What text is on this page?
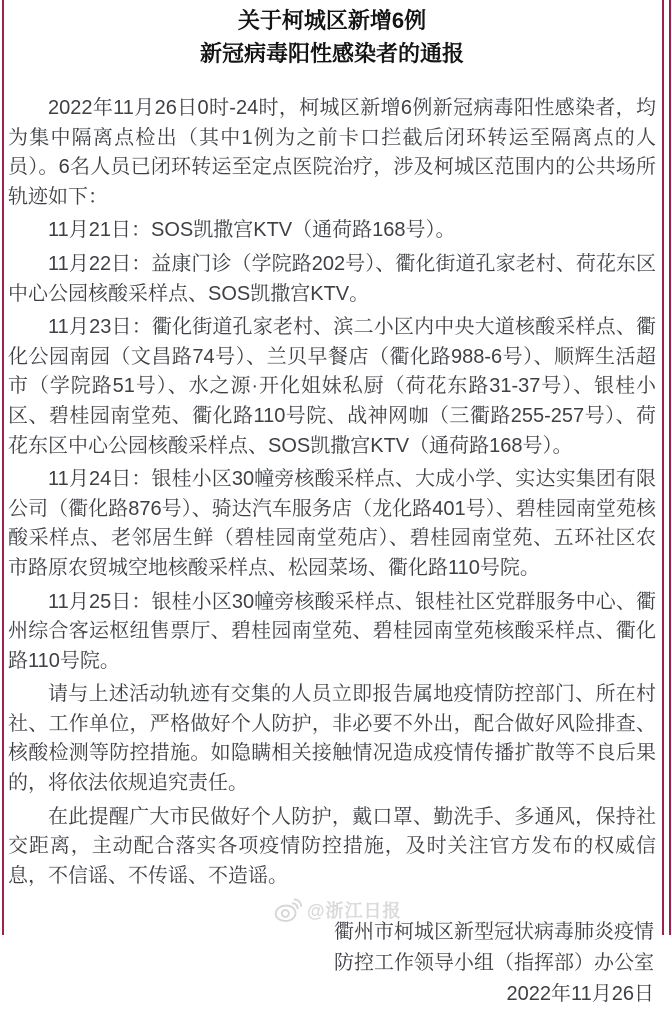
关于柯城区新增6例
新冠病毒阳性感染者的通报

2022年11月26日0时-24时，柯城区新增6例新冠病毒阳性感染者，均为集中隔离点检出（其中1例为之前卡口拦截后闭环转运至隔离点的人员）。6名人员已闭环转运至定点医院治疗，涉及柯城区范围内的公共场所轨迹如下：

11月21日：SOS凯撒宫KTV（通荷路168号）。

11月22日：益康门诊（学院路202号）、衢化街道孔家老村、荷花东区中心公园核酸采样点、SOS凯撒宫KTV。

11月23日：衢化街道孔家老村、滨二小区内中央大道核酸采样点、衢化公园南园（文昌路74号）、兰贝早餐店（衢化路988-6号）、顺辉生活超市（学院路51号）、水之源·开化姐妹私厨（荷花东路31-37号）、银桂小区、碧桂园南堂苑、衢化路110号院、战神网咖（三衢路255-257号）、荷花东区中心公园核酸采样点、SOS凯撒宫KTV（通荷路168号）。

11月24日：银桂小区30幢旁核酸采样点、大成小学、实达实集团有限公司（衢化路876号）、骑达汽车服务店（龙化路401号）、碧桂园南堂苑核酸采样点、老邻居生鲜（碧桂园南堂苑店）、碧桂园南堂苑、五环社区农市路原农贸城空地核酸采样点、松园菜场、衢化路110号院。

11月25日：银桂小区30幢旁核酸采样点、银桂社区党群服务中心、衢州综合客运枢纽售票厅、碧桂园南堂苑、碧桂园南堂苑核酸采样点、衢化路110号院。

请与上述活动轨迹有交集的人员立即报告属地疫情防控部门、所在村社、工作单位，严格做好个人防护，非必要不外出，配合做好风险排查、核酸检测等防控措施。如隐瞒相关接触情况造成疫情传播扩散等不良后果的，将依法依规追究责任。

在此提醒广大市民做好个人防护，戴口罩、勤洗手、多通风，保持社交距离，主动配合落实各项疫情防控措施，及时关注官方发布的权威信息，不信谣、不传谣、不造谣。

衢州市柯城区新型冠状病毒肺炎疫情
防控工作领导小组（指挥部）办公室
2022年11月26日
@浙江日报
